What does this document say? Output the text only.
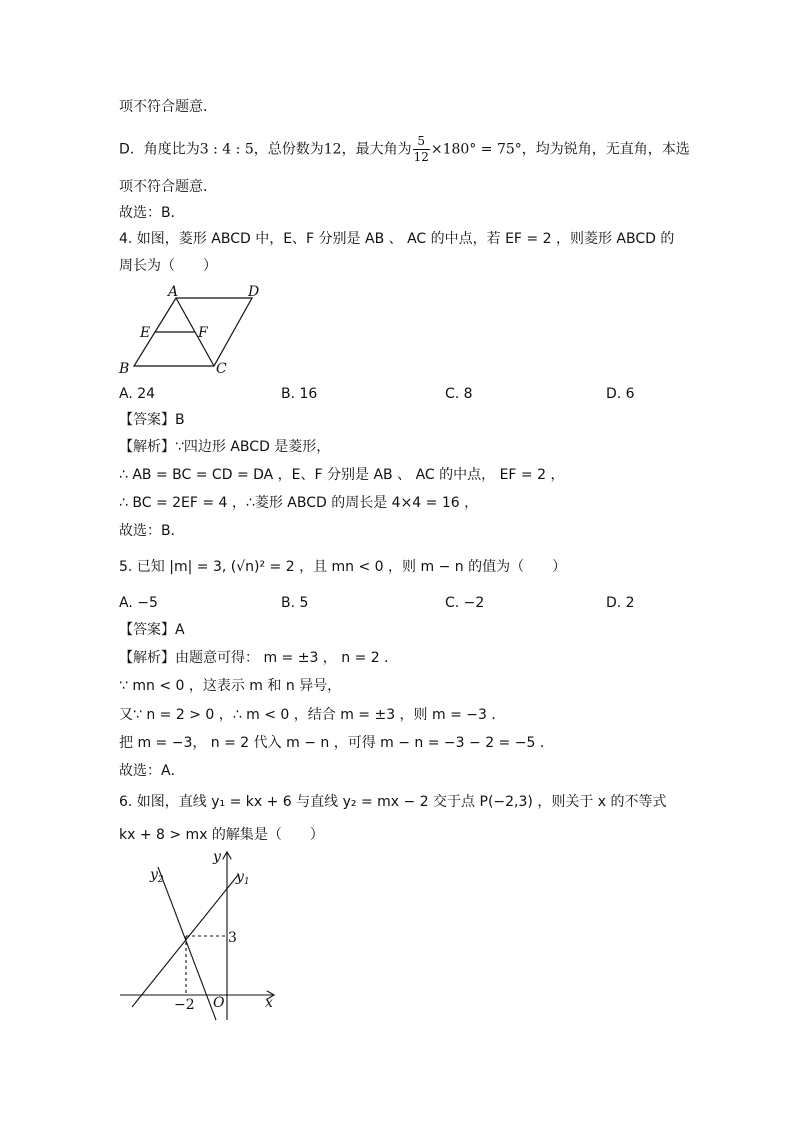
项不符合题意．
D．角度比为3 : 4 : 5，总份数为12，最大角为 $\frac{5}{12} \times 180^\circ = 75^\circ$，均为锐角，无直角，本选
项不符合题意．
故选：B．
4. 如图，菱形 ABCD 中，E、F 分别是 AB 、 AC 的中点，若 EF = 2 ，则菱形 ABCD 的
周长为（　　）
A	D
E	F
B	C
A. 24	B. 16	C. 8	D. 6
【答案】B
【解析】∵四边形 ABCD 是菱形，
∴ AB = BC = CD = DA ，E、F 分别是 AB 、 AC 的中点， EF = 2 ，
∴ BC = 2EF = 4 ，∴菱形 ABCD 的周长是 4×4 = 16 ，
故选：B．
5. 已知 |m| = 3, (√n)² = 2 ，且 mn < 0 ，则 m − n 的值为（　　）
A. −5	B. 5	C. −2	D. 2
【答案】A
【解析】由题意可得： m = ±3 ， n = 2 ．
∵ mn < 0 ，这表示 m 和 n 异号，
又∵ n = 2 > 0 ，∴ m < 0 ，结合 m = ±3 ，则 m = −3 ．
把 m = −3， n = 2 代入 m − n ，可得 m − n = −3 − 2 = −5 ．
故选：A．
6. 如图，直线 y₁ = kx + 6 与直线 y₂ = mx − 2 交于点 P(−2,3) ，则关于 x 的不等式
kx + 8 > mx 的解集是（　　）
y
x
O
$y_1$
$y_2$
3
−2
